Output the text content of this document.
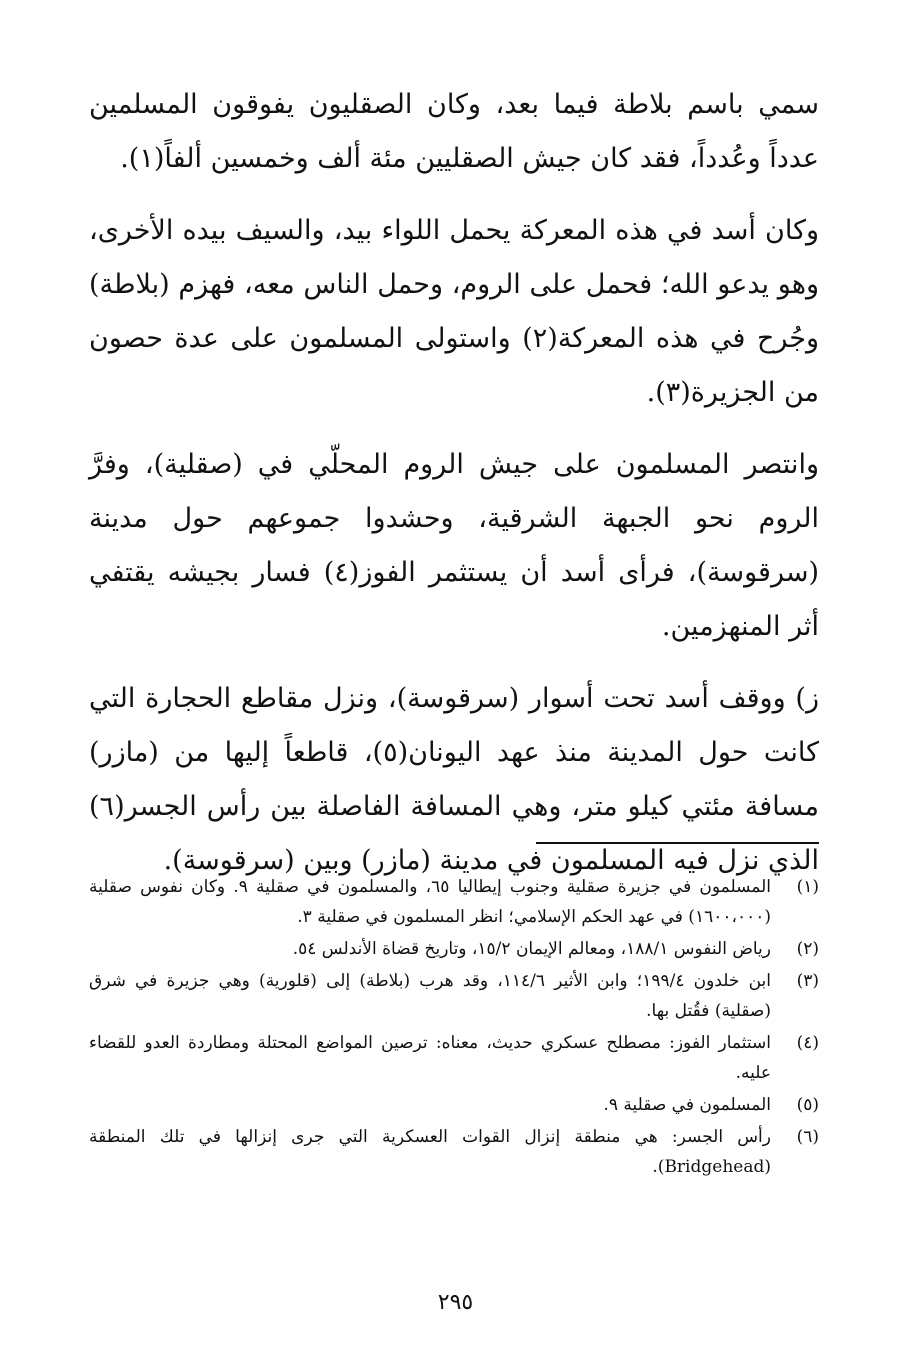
سمي باسم بلاطة فيما بعد، وكان الصقليون يفوقون المسلمين عدداً وعُدداً، فقد كان جيش الصقليين مئة ألف وخمسين ألفاً(١).

وكان أسد في هذه المعركة يحمل اللواء بيد، والسيف بيده الأخرى، وهو يدعو الله؛ فحمل على الروم، وحمل الناس معه، فهزم (بلاطة) وجُرح في هذه المعركة(٢) واستولى المسلمون على عدة حصون من الجزيرة(٣).

وانتصر المسلمون على جيش الروم المحلّي في (صقلية)، وفرَّ الروم نحو الجبهة الشرقية، وحشدوا جموعهم حول مدينة (سرقوسة)، فرأى أسد أن يستثمر الفوز(٤) فسار بجيشه يقتفي أثر المنهزمين.

ز) ووقف أسد تحت أسوار (سرقوسة)، ونزل مقاطع الحجارة التي كانت حول المدينة منذ عهد اليونان(٥)، قاطعاً إليها من (مازر) مسافة مئتي كيلو متر، وهي المسافة الفاصلة بين رأس الجسر(٦) الذي نزل فيه المسلمون في مدينة (مازر) وبين (سرقوسة).

(١)
المسلمون في جزيرة صقلية وجنوب إيطاليا ٦٥، والمسلمون في صقلية ٩. وكان نفوس صقلية (١٦٠٠،٠٠٠) في عهد الحكم الإسلامي؛ انظر المسلمون في صقلية ٣.
(٢)
رياض النفوس ١٨٨/١، ومعالم الإيمان ١٥/٢، وتاريخ قضاة الأندلس ٥٤.
(٣)
ابن خلدون ١٩٩/٤؛ وابن الأثير ١١٤/٦، وقد هرب (بلاطة) إلى (قلورية) وهي جزيرة في شرق (صقلية) فقُتل بها.
(٤)
استثمار الفوز: مصطلح عسكري حديث، معناه: ترصين المواضع المحتلة ومطاردة العدو للقضاء عليه.
(٥)
المسلمون في صقلية ٩.
(٦)
رأس الجسر: هي منطقة إنزال القوات العسكرية التي جرى إنزالها في تلك المنطقة (Bridgehead).
٢٩٥
